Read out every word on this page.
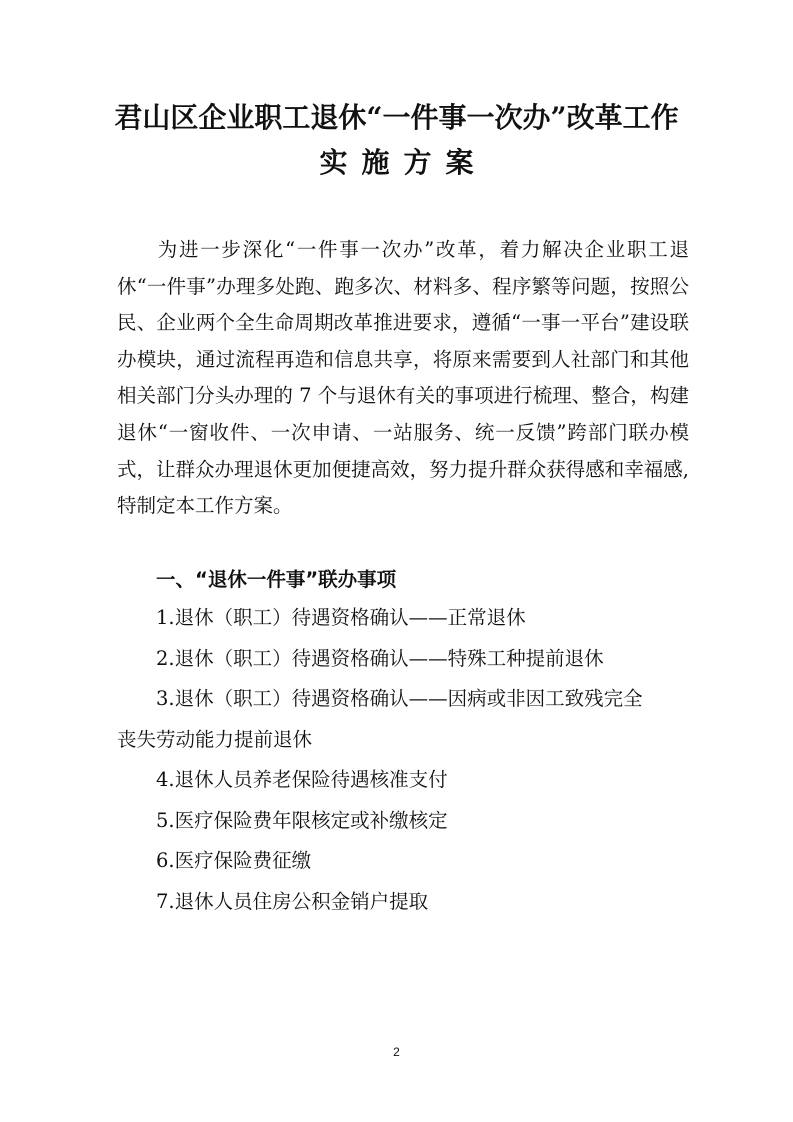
君山区企业职工退休“一件事一次办”改革工作
实施方案

为进一步深化“一件事一次办”改革，着力解决企业职工退休“一件事”办理多处跑、跑多次、材料多、程序繁等问题，按照公民、企业两个全生命周期改革推进要求，遵循“一事一平台”建设联办模块，通过流程再造和信息共享，将原来需要到人社部门和其他相关部门分头办理的 7 个与退休有关的事项进行梳理、整合，构建退休“一窗收件、一次申请、一站服务、统一反馈”跨部门联办模式，让群众办理退休更加便捷高效，努力提升群众获得感和幸福感,特制定本工作方案。

一、“退休一件事”联办事项
1.退休（职工）待遇资格确认——正常退休
2.退休（职工）待遇资格确认——特殊工种提前退休
3.退休（职工）待遇资格确认——因病或非因工致残完全
丧失劳动能力提前退休
4.退休人员养老保险待遇核准支付
5.医疗保险费年限核定或补缴核定
6.医疗保险费征缴
7.退休人员住房公积金销户提取
2
